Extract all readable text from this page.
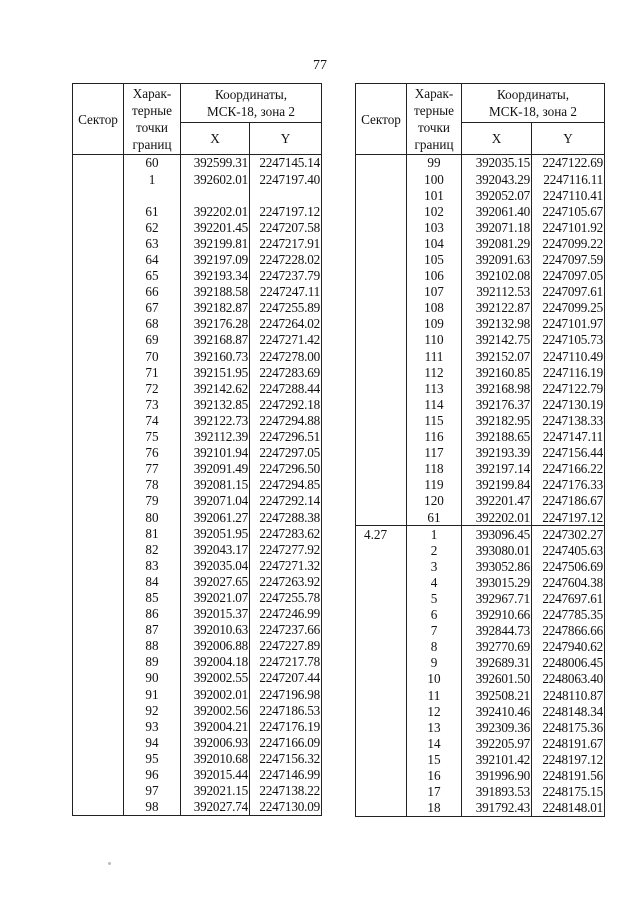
77
Сектор	Харак-
терные
точки
границ	Координаты,
МСК-18, зона 2	
		X	Y
	60	392599.31	2247145.14
	1	392602.01	2247197.40

	61	392202.01	2247197.12
	62	392201.45	2247207.58
	63	392199.81	2247217.91
	64	392197.09	2247228.02
	65	392193.34	2247237.79
	66	392188.58	2247247.11
	67	392182.87	2247255.89
	68	392176.28	2247264.02
	69	392168.87	2247271.42
	70	392160.73	2247278.00
	71	392151.95	2247283.69
	72	392142.62	2247288.44
	73	392132.85	2247292.18
	74	392122.73	2247294.88
	75	392112.39	2247296.51
	76	392101.94	2247297.05
	77	392091.49	2247296.50
	78	392081.15	2247294.85
	79	392071.04	2247292.14
	80	392061.27	2247288.38
	81	392051.95	2247283.62
	82	392043.17	2247277.92
	83	392035.04	2247271.32
	84	392027.65	2247263.92
	85	392021.07	2247255.78
	86	392015.37	2247246.99
	87	392010.63	2247237.66
	88	392006.88	2247227.89
	89	392004.18	2247217.78
	90	392002.55	2247207.44
	91	392002.01	2247196.98
	92	392002.56	2247186.53
	93	392004.21	2247176.19
	94	392006.93	2247166.09
	95	392010.68	2247156.32
	96	392015.44	2247146.99
	97	392021.15	2247138.22
	98	392027.74	2247130.09
Сектор	Харак-
терные
точки
границ	Координаты,
МСК-18, зона 2	
		X	Y
	99	392035.15	2247122.69
	100	392043.29	2247116.11
	101	392052.07	2247110.41
	102	392061.40	2247105.67
	103	392071.18	2247101.92
	104	392081.29	2247099.22
	105	392091.63	2247097.59
	106	392102.08	2247097.05
	107	392112.53	2247097.61
	108	392122.87	2247099.25
	109	392132.98	2247101.97
	110	392142.75	2247105.73
	111	392152.07	2247110.49
	112	392160.85	2247116.19
	113	392168.98	2247122.79
	114	392176.37	2247130.19
	115	392182.95	2247138.33
	116	392188.65	2247147.11
	117	392193.39	2247156.44
	118	392197.14	2247166.22
	119	392199.84	2247176.33
	120	392201.47	2247186.67
	61	392202.01	2247197.12
4.27	1	393096.45	2247302.27
	2	393080.01	2247405.63
	3	393052.86	2247506.69
	4	393015.29	2247604.38
	5	392967.71	2247697.61
	6	392910.66	2247785.35
	7	392844.73	2247866.66
	8	392770.69	2247940.62
	9	392689.31	2248006.45
	10	392601.50	2248063.40
	11	392508.21	2248110.87
	12	392410.46	2248148.34
	13	392309.36	2248175.36
	14	392205.97	2248191.67
	15	392101.42	2248197.12
	16	391996.90	2248191.56
	17	391893.53	2248175.15
	18	391792.43	2248148.01
